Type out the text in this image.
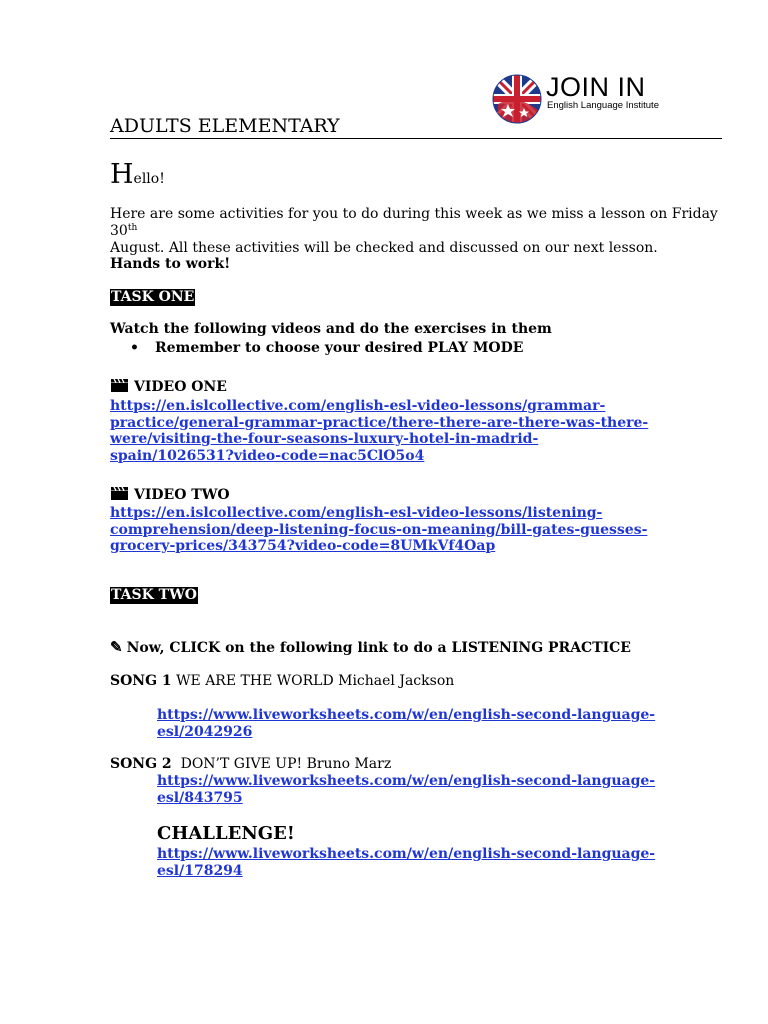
JOIN IN
English Language Institute
ADULTS ELEMENTARY
Hello!
Here are some activities for you to do during this week as we miss a lesson on Friday 30th
August. All these activities will be checked and discussed on our next lesson.
Hands to work!
TASK ONE
Watch the following videos and do the exercises in them
• Remember to choose your desired PLAY MODE
VIDEO ONE
https://en.islcollective.com/english-esl-video-lessons/grammar-
practice/general-grammar-practice/there-there-are-there-was-there-
were/visiting-the-four-seasons-luxury-hotel-in-madrid-
spain/1026531?video-code=nac5ClO5o4
VIDEO TWO
https://en.islcollective.com/english-esl-video-lessons/listening-
comprehension/deep-listening-focus-on-meaning/bill-gates-guesses-
grocery-prices/343754?video-code=8UMkVf4Oap
TASK TWO
✎ Now, CLICK on the following link to do a LISTENING PRACTICE
SONG 1 WE ARE THE WORLD Michael Jackson
https://www.liveworksheets.com/w/en/english-second-language-
esl/2042926
SONG 2 DON’T GIVE UP! Bruno Marz
https://www.liveworksheets.com/w/en/english-second-language-
esl/843795
CHALLENGE!
https://www.liveworksheets.com/w/en/english-second-language-
esl/178294
